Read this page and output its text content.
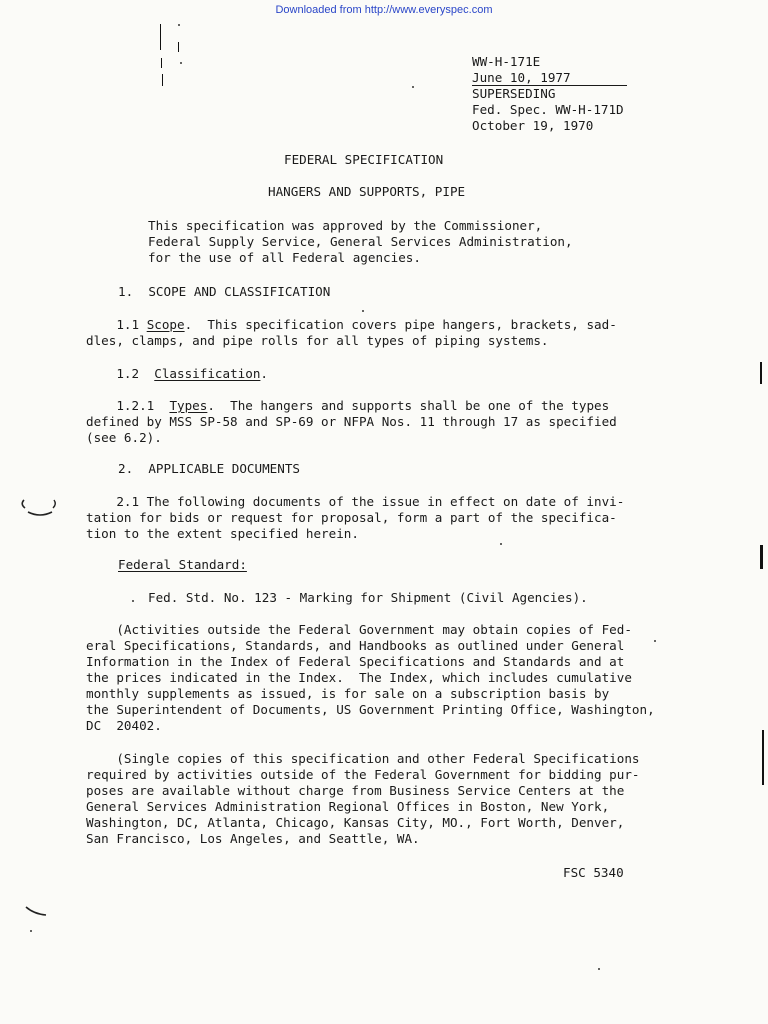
Downloaded from http://www.everyspec.com
WW-H-171E
June 10, 1977
SUPERSEDING
Fed. Spec. WW-H-171D
October 19, 1970
FEDERAL SPECIFICATION
HANGERS AND SUPPORTS, PIPE
This specification was approved by the Commissioner,
Federal Supply Service, General Services Administration,
for the use of all Federal agencies.
1. SCOPE AND CLASSIFICATION
1.1 Scope.  This specification covers pipe hangers, brackets, sad-
dles, clamps, and pipe rolls for all types of piping systems.
1.2 Classification.
1.2.1 Types.  The hangers and supports shall be one of the types
defined by MSS SP-58 and SP-69 or NFPA Nos. 11 through 17 as specified
(see 6.2).
2. APPLICABLE DOCUMENTS
2.1 The following documents of the issue in effect on date of invi-
tation for bids or request for proposal, form a part of the specifica-
tion to the extent specified herein.
Federal Standard:
Fed. Std. No. 123 - Marking for Shipment (Civil Agencies).
(Activities outside the Federal Government may obtain copies of Fed-
eral Specifications, Standards, and Handbooks as outlined under General
Information in the Index of Federal Specifications and Standards and at
the prices indicated in the Index.  The Index, which includes cumulative
monthly supplements as issued, is for sale on a subscription basis by
the Superintendent of Documents, US Government Printing Office, Washington,
DC  20402.
(Single copies of this specification and other Federal Specifications
required by activities outside of the Federal Government for bidding pur-
poses are available without charge from Business Service Centers at the
General Services Administration Regional Offices in Boston, New York,
Washington, DC, Atlanta, Chicago, Kansas City, MO., Fort Worth, Denver,
San Francisco, Los Angeles, and Seattle, WA.
FSC 5340
